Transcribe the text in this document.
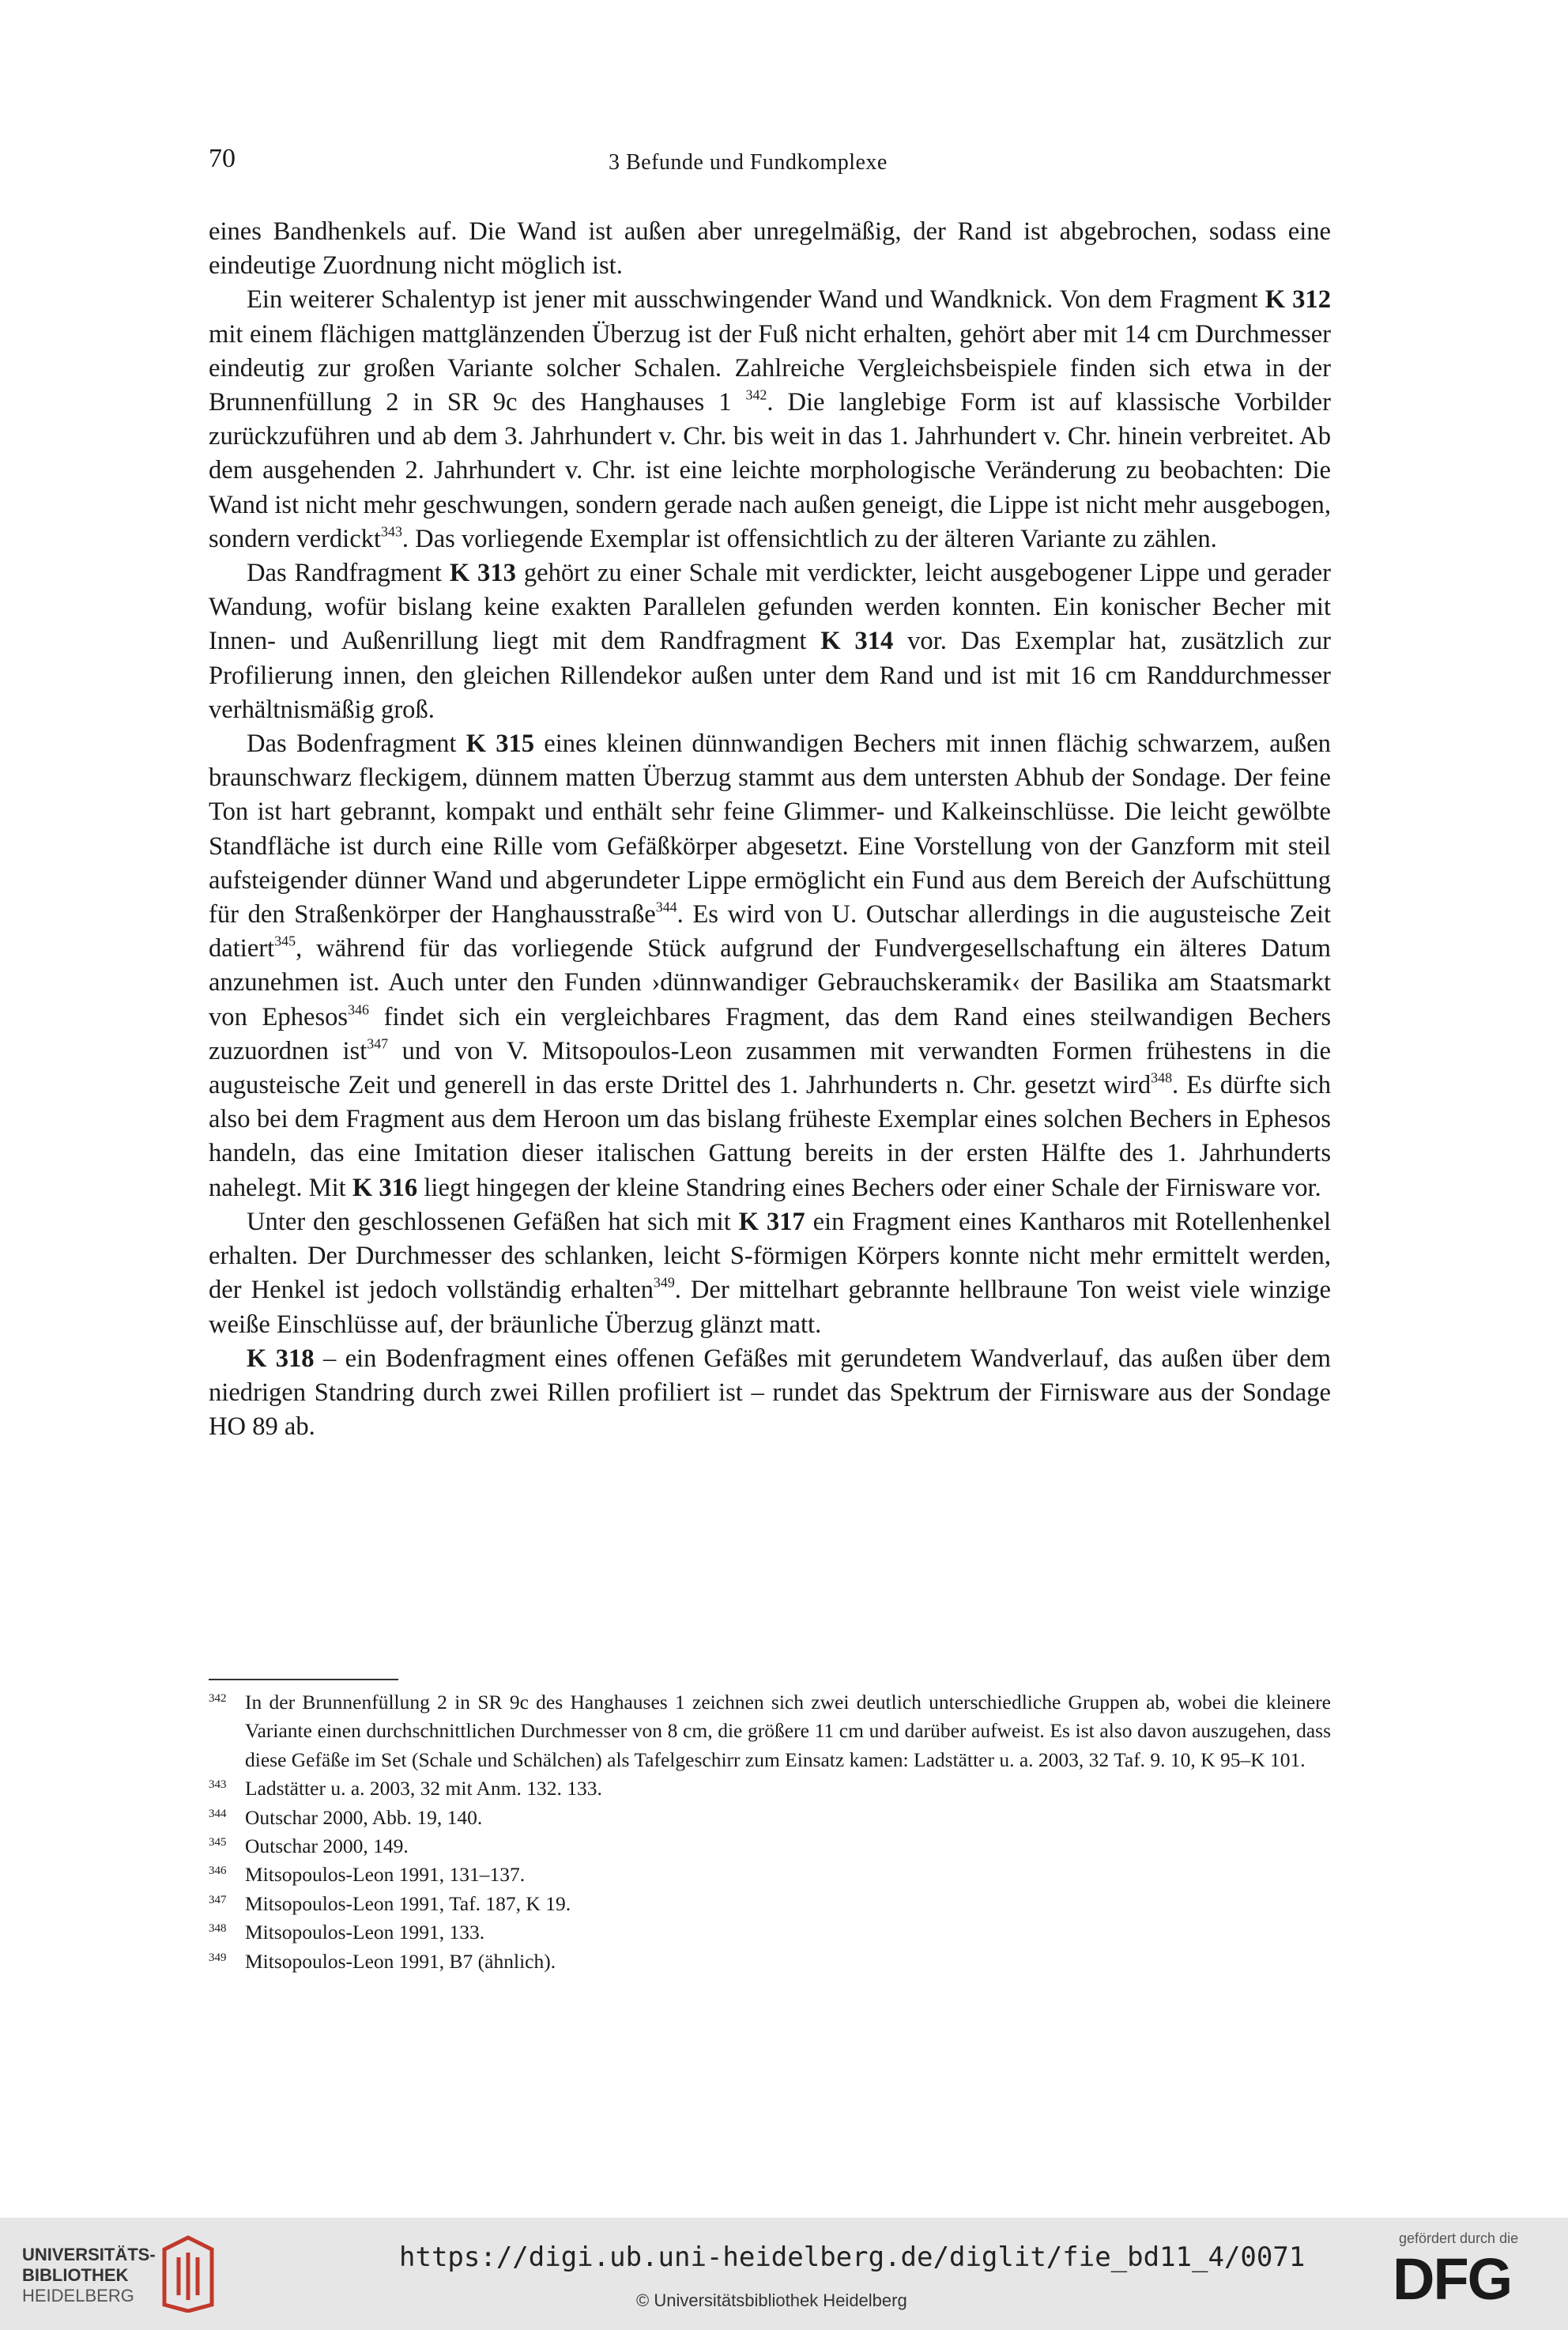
70	3 Befunde und Fundkomplexe

eines Bandhenkels auf. Die Wand ist außen aber unregelmäßig, der Rand ist abgebrochen, sodass eine eindeutige Zuordnung nicht möglich ist.

Ein weiterer Schalentyp ist jener mit ausschwingender Wand und Wandknick. Von dem Fragment K 312 mit einem flächigen mattglänzenden Überzug ist der Fuß nicht erhalten, gehört aber mit 14 cm Durchmesser eindeutig zur großen Variante solcher Schalen. Zahlreiche Vergleichsbeispiele finden sich etwa in der Brunnenfüllung 2 in SR 9c des Hanghauses 1 $^{342}$. Die langlebige Form ist auf klassische Vorbilder zurückzuführen und ab dem 3. Jahrhundert v. Chr. bis weit in das 1. Jahrhundert v. Chr. hinein verbreitet. Ab dem ausgehenden 2. Jahrhundert v. Chr. ist eine leichte morphologische Veränderung zu beobachten: Die Wand ist nicht mehr geschwungen, sondern gerade nach außen geneigt, die Lippe ist nicht mehr ausgebogen, sondern verdickt$^{343}$. Das vorliegende Exemplar ist offensichtlich zu der älteren Variante zu zählen.

Das Randfragment K 313 gehört zu einer Schale mit verdickter, leicht ausgebogener Lippe und gerader Wandung, wofür bislang keine exakten Parallelen gefunden werden konnten. Ein konischer Becher mit Innen- und Außenrillung liegt mit dem Randfragment K 314 vor. Das Exemplar hat, zusätzlich zur Profilierung innen, den gleichen Rillendekor außen unter dem Rand und ist mit 16 cm Randdurchmesser verhältnismäßig groß.

Das Bodenfragment K 315 eines kleinen dünnwandigen Bechers mit innen flächig schwarzem, außen braunschwarz fleckigem, dünnem matten Überzug stammt aus dem untersten Abhub der Sondage. Der feine Ton ist hart gebrannt, kompakt und enthält sehr feine Glimmer- und Kalkeinschlüsse. Die leicht gewölbte Standfläche ist durch eine Rille vom Gefäßkörper abgesetzt. Eine Vorstellung von der Ganzform mit steil aufsteigender dünner Wand und abgerundeter Lippe ermöglicht ein Fund aus dem Bereich der Aufschüttung für den Straßenkörper der Hanghausstraße$^{344}$. Es wird von U. Outschar allerdings in die augusteische Zeit datiert$^{345}$, während für das vorliegende Stück aufgrund der Fundvergesellschaftung ein älteres Datum anzunehmen ist. Auch unter den Funden ›dünnwandiger Gebrauchskeramik‹ der Basilika am Staatsmarkt von Ephesos$^{346}$ findet sich ein vergleichbares Fragment, das dem Rand eines steilwandigen Bechers zuzuordnen ist$^{347}$ und von V. Mitsopoulos-Leon zusammen mit verwandten Formen frühestens in die augusteische Zeit und generell in das erste Drittel des 1. Jahrhunderts n. Chr. gesetzt wird$^{348}$. Es dürfte sich also bei dem Fragment aus dem Heroon um das bislang früheste Exemplar eines solchen Bechers in Ephesos handeln, das eine Imitation dieser italischen Gattung bereits in der ersten Hälfte des 1. Jahrhunderts nahelegt. Mit K 316 liegt hingegen der kleine Standring eines Bechers oder einer Schale der Firnisware vor.

Unter den geschlossenen Gefäßen hat sich mit K 317 ein Fragment eines Kantharos mit Rotellenhenkel erhalten. Der Durchmesser des schlanken, leicht S-förmigen Körpers konnte nicht mehr ermittelt werden, der Henkel ist jedoch vollständig erhalten$^{349}$. Der mittelhart gebrannte hellbraune Ton weist viele winzige weiße Einschlüsse auf, der bräunliche Überzug glänzt matt.

K 318 – ein Bodenfragment eines offenen Gefäßes mit gerundetem Wandverlauf, das außen über dem niedrigen Standring durch zwei Rillen profiliert ist – rundet das Spektrum der Firnisware aus der Sondage HO 89 ab.

342 In der Brunnenfüllung 2 in SR 9c des Hanghauses 1 zeichnen sich zwei deutlich unterschiedliche Gruppen ab, wobei die kleinere Variante einen durchschnittlichen Durchmesser von 8 cm, die größere 11 cm und darüber aufweist. Es ist also davon auszugehen, dass diese Gefäße im Set (Schale und Schälchen) als Tafelgeschirr zum Einsatz kamen: Ladstätter u. a. 2003, 32 Taf. 9. 10, K 95–K 101.
343 Ladstätter u. a. 2003, 32 mit Anm. 132. 133.
344 Outschar 2000, Abb. 19, 140.
345 Outschar 2000, 149.
346 Mitsopoulos-Leon 1991, 131–137.
347 Mitsopoulos-Leon 1991, Taf. 187, K 19.
348 Mitsopoulos-Leon 1991, 133.
349 Mitsopoulos-Leon 1991, B7 (ähnlich).
UNIVERSITÄTS-
BIBLIOTHEK
HEIDELBERG
https://digi.ub.uni-heidelberg.de/diglit/fie_bd11_4/0071
© Universitätsbibliothek Heidelberg
gefördert durch die
DFG
